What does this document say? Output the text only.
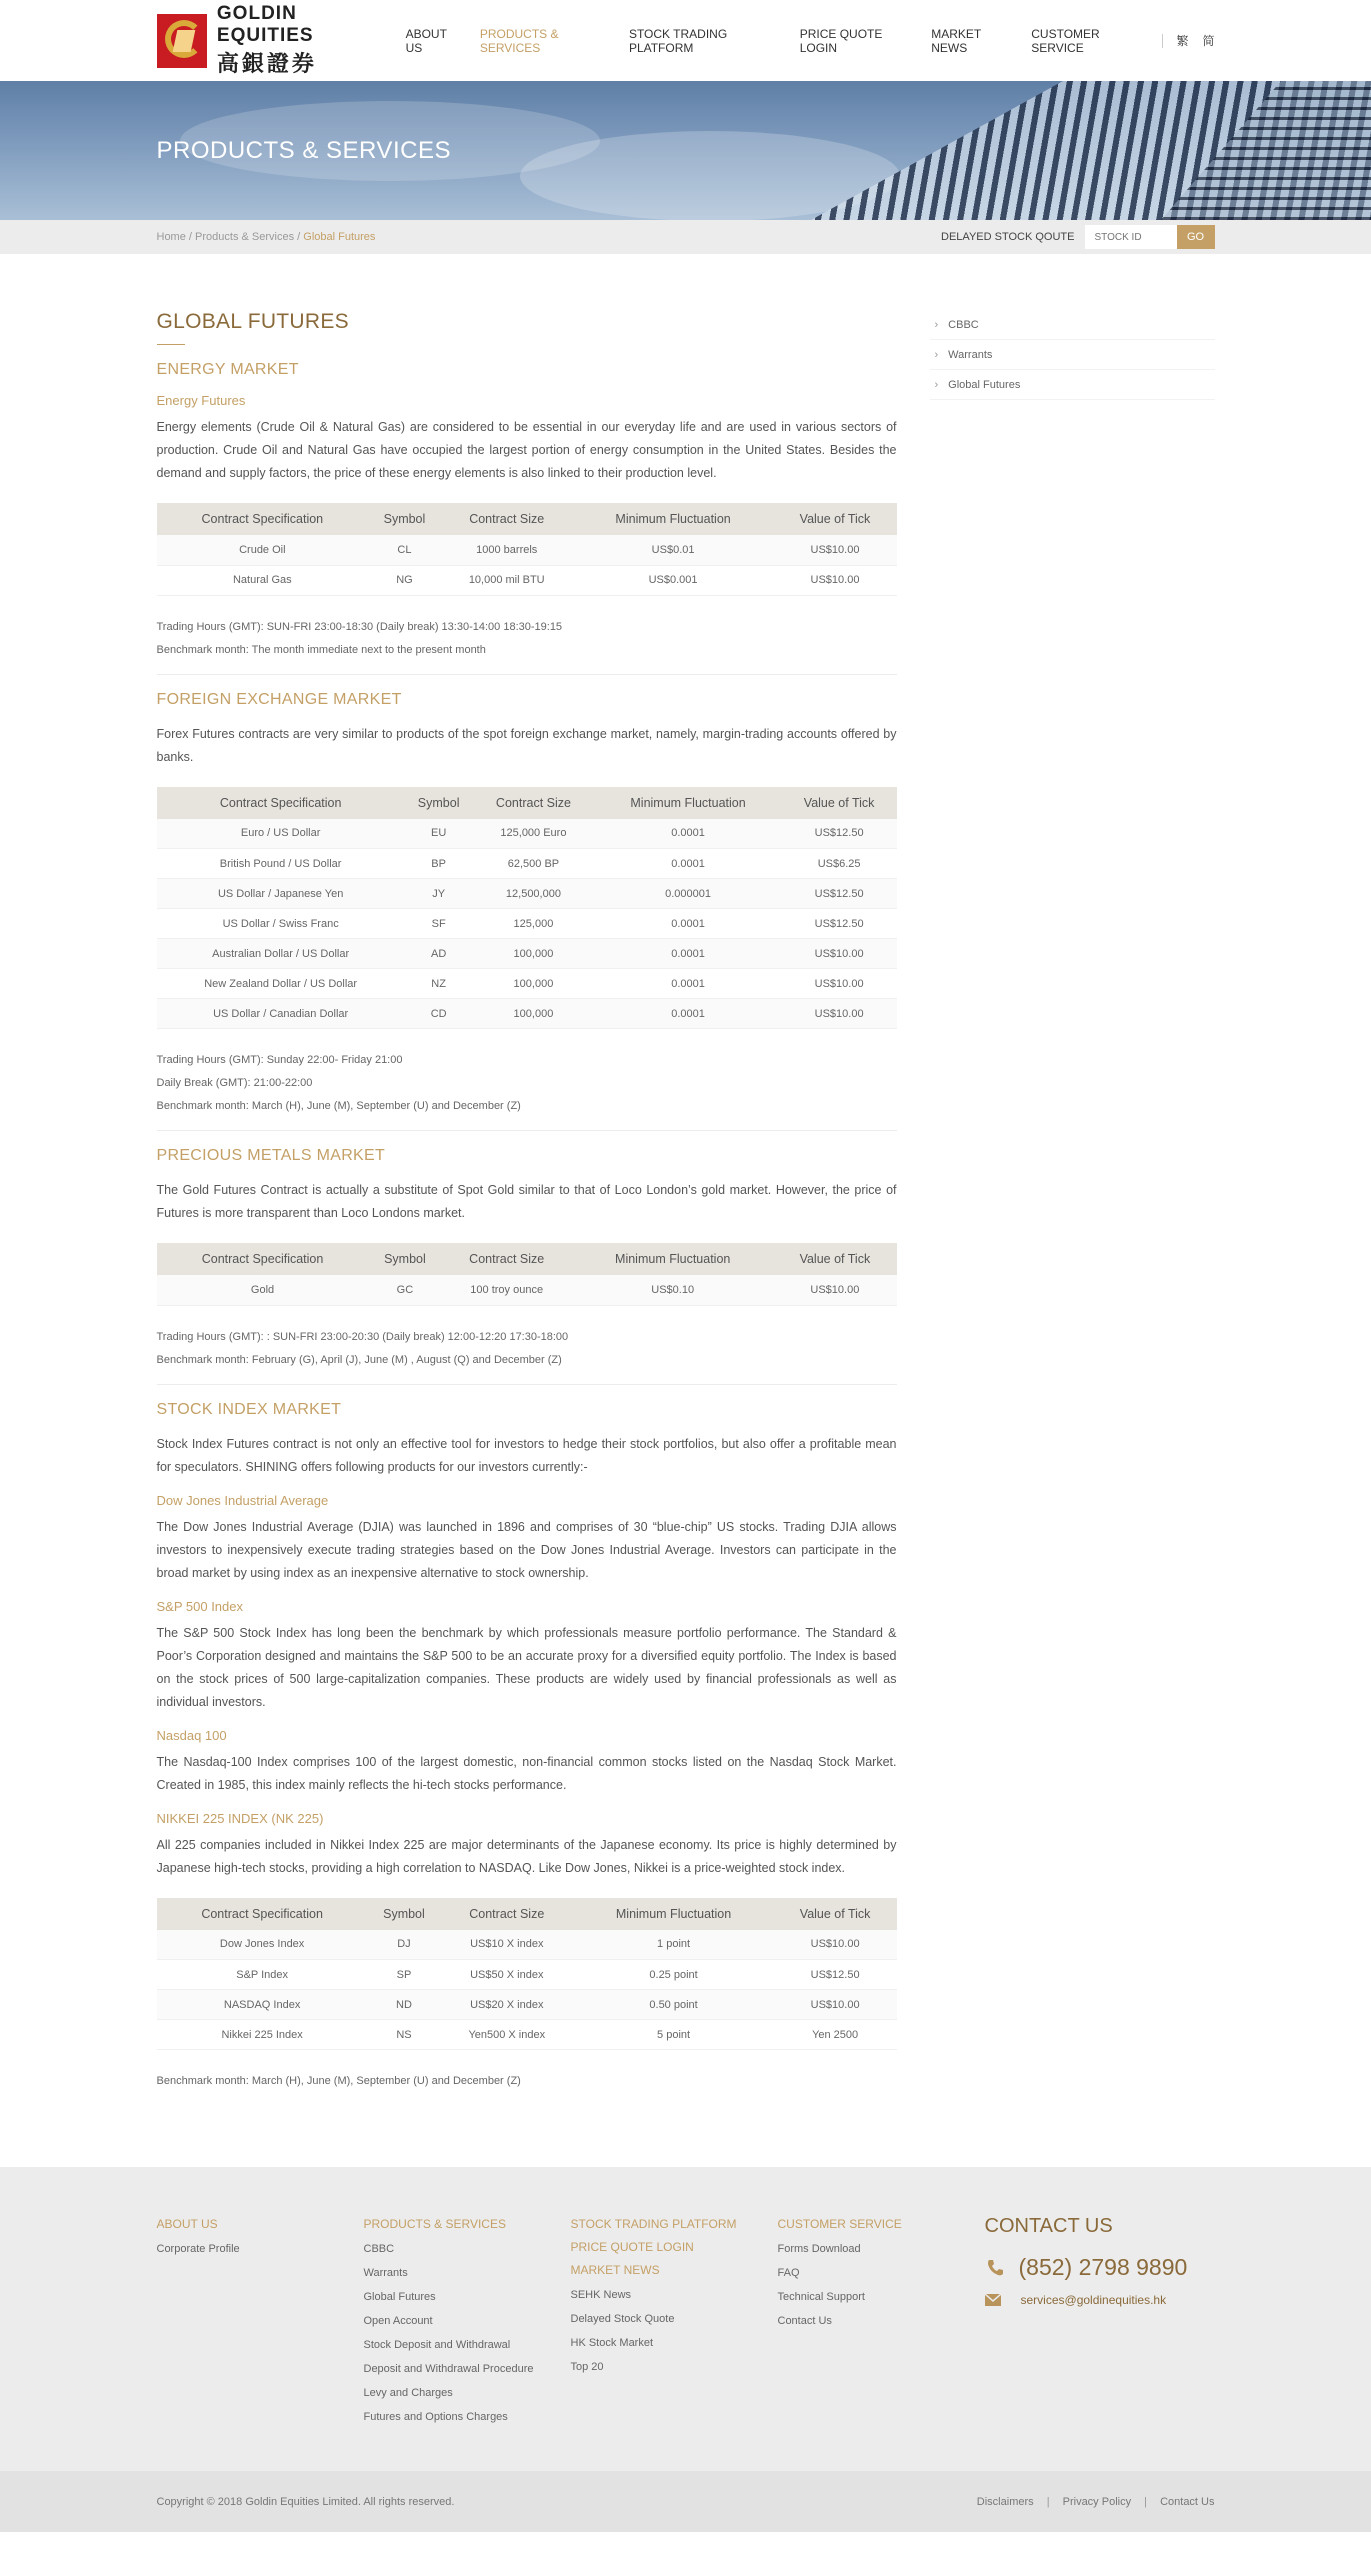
GOLDIN EQUITIES
高銀證券
ABOUT US
PRODUCTS & SERVICES
STOCK TRADING PLATFORM
PRICE QUOTE LOGIN
MARKET NEWS
CUSTOMER SERVICE	繁 简
PRODUCTS & SERVICES
Home / Products & Services / Global Futures	DELAYED STOCK QOUTE
STOCK ID	GO
GLOBAL FUTURES
ENERGY MARKET
Energy Futures
Energy elements (Crude Oil & Natural Gas) are considered to be essential in our everyday life and are used in various sectors of production. Crude Oil and Natural Gas have occupied the largest portion of energy consumption in the United States. Besides the demand and supply factors, the price of these energy elements is also linked to their production level.
Contract Specification	Symbol	Contract Size	Minimum Fluctuation	Value of Tick
Crude Oil	CL	1000 barrels	US$0.01	US$10.00
Natural Gas	NG	10,000 mil BTU	US$0.001	US$10.00
Trading Hours (GMT): SUN-FRI 23:00-18:30 (Daily break) 13:30-14:00 18:30-19:15
Benchmark month: The month immediate next to the present month
FOREIGN EXCHANGE MARKET
Forex Futures contracts are very similar to products of the spot foreign exchange market, namely, margin-trading accounts offered by banks.
Contract Specification	Symbol	Contract Size	Minimum Fluctuation	Value of Tick
Euro / US Dollar	EU	125,000 Euro	0.0001	US$12.50
British Pound / US Dollar	BP	62,500 BP	0.0001	US$6.25
US Dollar / Japanese Yen	JY	12,500,000	0.000001	US$12.50
US Dollar / Swiss Franc	SF	125,000	0.0001	US$12.50
Australian Dollar / US Dollar	AD	100,000	0.0001	US$10.00
New Zealand Dollar / US Dollar	NZ	100,000	0.0001	US$10.00
US Dollar / Canadian Dollar	CD	100,000	0.0001	US$10.00
Trading Hours (GMT): Sunday 22:00- Friday 21:00
Daily Break (GMT): 21:00-22:00
Benchmark month: March (H), June (M), September (U) and December (Z)
PRECIOUS METALS MARKET
The Gold Futures Contract is actually a substitute of Spot Gold similar to that of Loco London’s gold market. However, the price of Futures is more transparent than Loco Londons market.
Contract Specification	Symbol	Contract Size	Minimum Fluctuation	Value of Tick
Gold	GC	100 troy ounce	US$0.10	US$10.00
Trading Hours (GMT): : SUN-FRI 23:00-20:30 (Daily break) 12:00-12:20 17:30-18:00
Benchmark month: February (G), April (J), June (M) , August (Q) and December (Z)
STOCK INDEX MARKET
Stock Index Futures contract is not only an effective tool for investors to hedge their stock portfolios, but also offer a profitable mean for speculators. SHINING offers following products for our investors currently:-
Dow Jones Industrial Average
The Dow Jones Industrial Average (DJIA) was launched in 1896 and comprises of 30 “blue-chip” US stocks. Trading DJIA allows investors to inexpensively execute trading strategies based on the Dow Jones Industrial Average. Investors can participate in the broad market by using index as an inexpensive alternative to stock ownership.
S&P 500 Index
The S&P 500 Stock Index has long been the benchmark by which professionals measure portfolio performance. The Standard & Poor’s Corporation designed and maintains the S&P 500 to be an accurate proxy for a diversified equity portfolio. The Index is based on the stock prices of 500 large-capitalization companies. These products are widely used by financial professionals as well as individual investors.
Nasdaq 100
The Nasdaq-100 Index comprises 100 of the largest domestic, non-financial common stocks listed on the Nasdaq Stock Market. Created in 1985, this index mainly reflects the hi-tech stocks performance.
NIKKEI 225 INDEX (NK 225)
All 225 companies included in Nikkei Index 225 are major determinants of the Japanese economy. Its price is highly determined by Japanese high-tech stocks, providing a high correlation to NASDAQ. Like Dow Jones, Nikkei is a price-weighted stock index.
Contract Specification	Symbol	Contract Size	Minimum Fluctuation	Value of Tick
Dow Jones Index	DJ	US$10 X index	1 point	US$10.00
S&P Index	SP	US$50 X index	0.25 point	US$12.50
NASDAQ Index	ND	US$20 X index	0.50 point	US$10.00
Nikkei 225 Index	NS	Yen500 X index	5 point	Yen 2500
Benchmark month: March (H), June (M), September (U) and December (Z)
› CBBC
› Warrants
› Global Futures
ABOUT US
Corporate Profile
PRODUCTS & SERVICES
CBBC
Warrants
Global Futures
Open Account
Stock Deposit and Withdrawal
Deposit and Withdrawal Procedure
Levy and Charges
Futures and Options Charges
STOCK TRADING PLATFORM
PRICE QUOTE LOGIN
MARKET NEWS
SEHK News
Delayed Stock Quote
HK Stock Market
Top 20
CUSTOMER SERVICE
Forms Download
FAQ
Technical Support
Contact Us
CONTACT US
(852) 2798 9890
services@goldinequities.hk
Copyright © 2018 Goldin Equities Limited. All rights reserved.	Disclaimers | Privacy Policy | Contact Us
